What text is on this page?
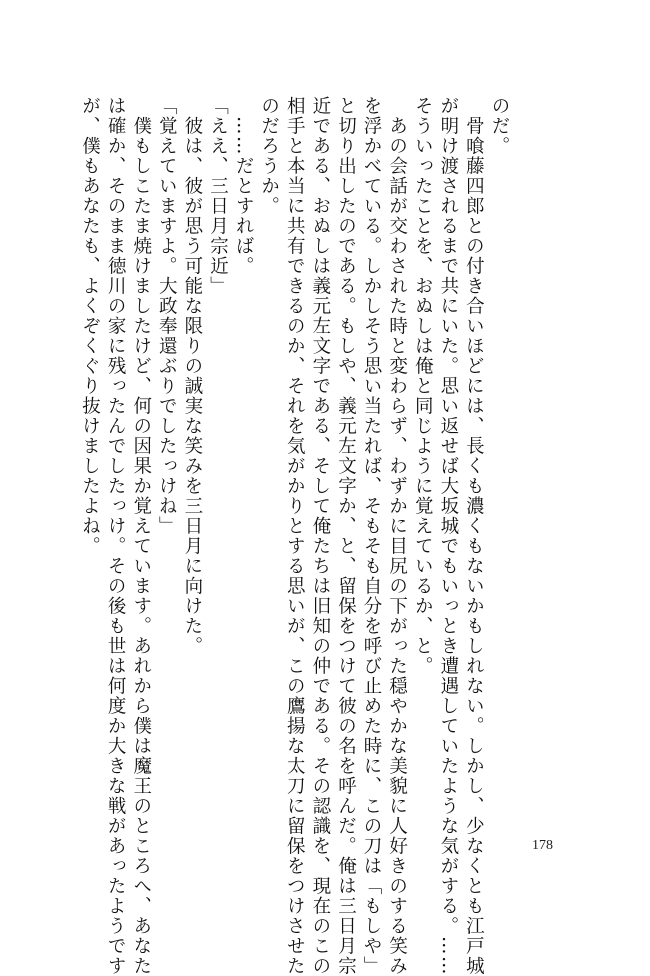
のだ。
　骨喰藤四郎との付き合いほどには、長くも濃くもないかもしれない。しかし、少なくとも江戸城
が明け渡されるまで共にいた。思い返せば大坂城でもいっとき遭遇していたような気がする。……
そういったことを、おぬしは俺と同じように覚えているか、と。
　あの会話が交わされた時と変わらず、わずかに目尻の下がった穏やかな美貌に人好きのする笑み
を浮かべている。しかしそう思い当たれば、そもそも自分を呼び止めた時に、この刀は「もしや」
と切り出したのである。もしや、義元左文字か、と、留保をつけて彼の名を呼んだ。俺は三日月宗
近である、おぬしは義元左文字である、そして俺たちは旧知の仲である。その認識を、現在のこの
相手と本当に共有できるのか、それを気がかりとする思いが、この鷹揚な太刀に留保をつけさせた
のだろうか。
　……だとすれば。
「ええ、三日月宗近」
　彼は、彼が思う可能な限りの誠実な笑みを三日月に向けた。
「覚えていますよ。大政奉還ぶりでしたっけね」
　僕もしこたま焼けましたけど、何の因果か覚えています。あれから僕は魔王のところへ、あなた
は確か、そのまま徳川の家に残ったんでしたっけ。その後も世は何度か大きな戦があったようです
が、僕もあなたも、よくぞくぐり抜けましたよね。
178
